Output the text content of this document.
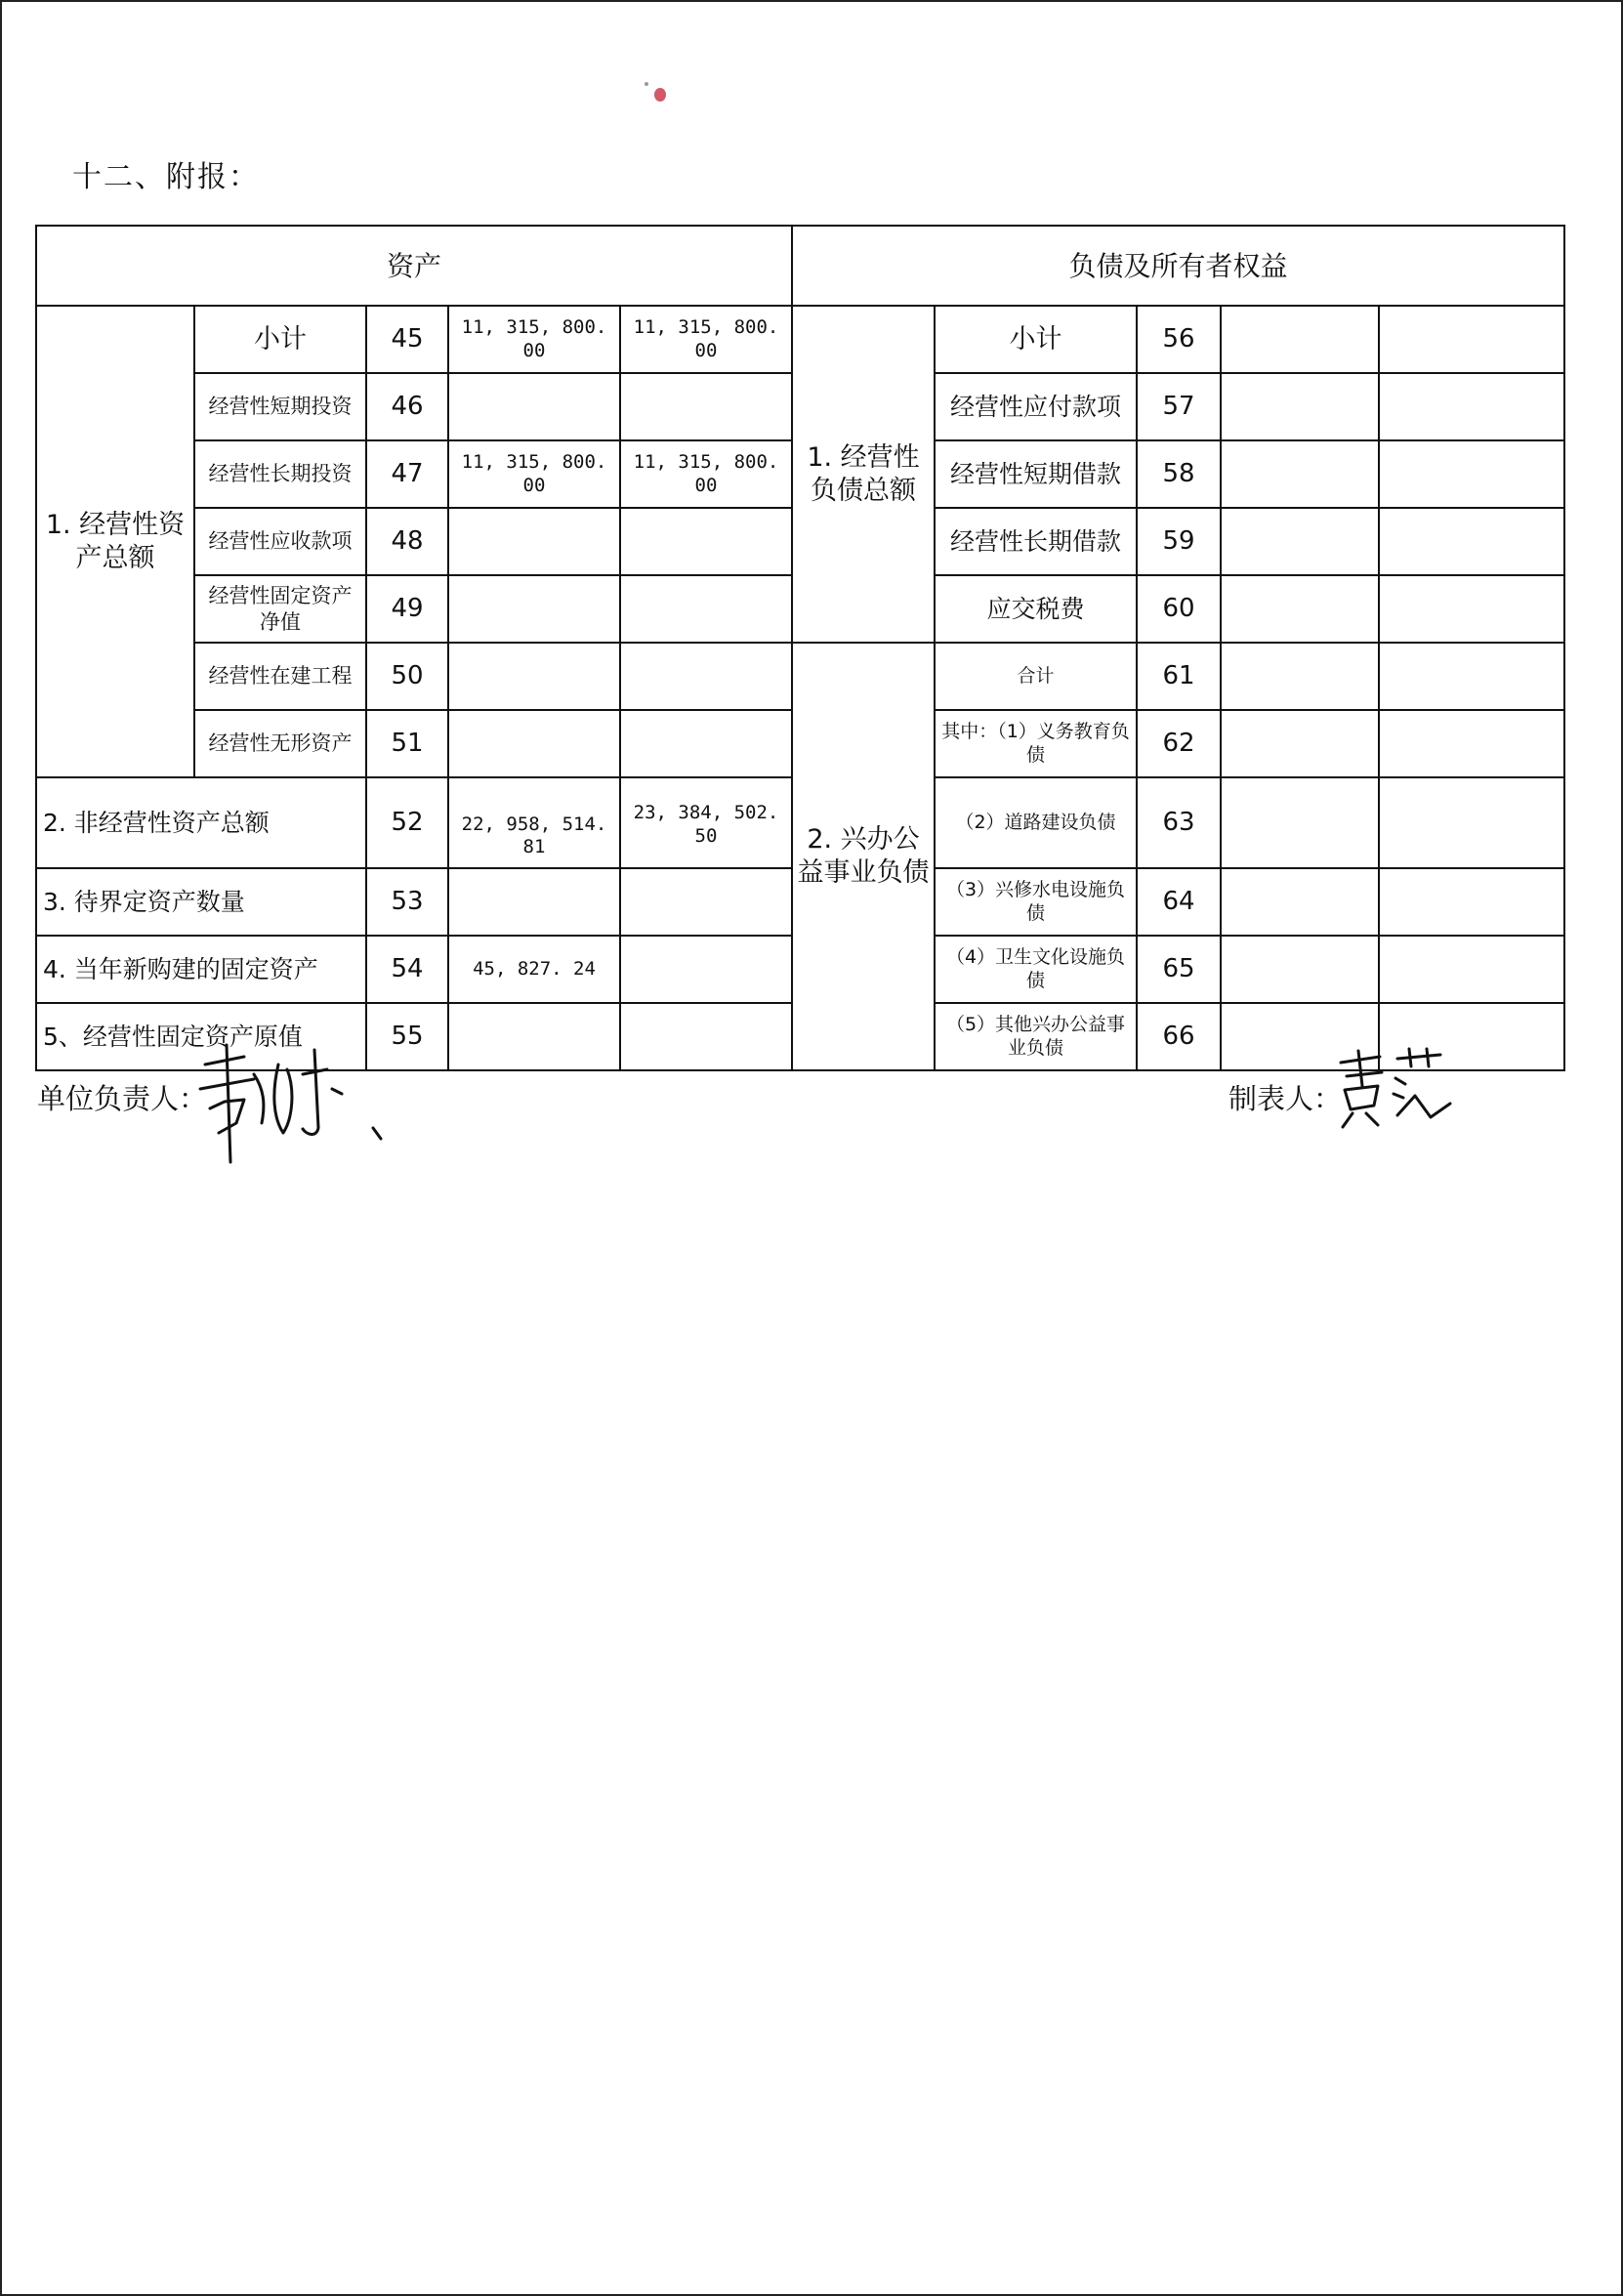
十二、附报：
资产					负债及所有者权益				
1. 经营性资产总额	小计	45	11, 315, 800. 00	11, 315, 800. 00	1. 经营性负债总额	小计	56		
	经营性短期投资	46				经营性应付款项	57		
	经营性长期投资	47	11, 315, 800. 00	11, 315, 800. 00		经营性短期借款	58		
	经营性应收款项	48				经营性长期借款	59		
	经营性固定资产净值	49				应交税费	60		
	经营性在建工程	50			2. 兴办公益事业负债	合计	61		
	经营性无形资产	51				其中：（1）义务教育负债	62		
2. 非经营性资产总额		52	22, 958, 514. 81	23, 384, 502. 50		（2）道路建设负债	63		
3. 待界定资产数量		53				（3）兴修水电设施负债	64		
4. 当年新购建的固定资产		54	45, 827. 24			（4）卫生文化设施负债	65		
5、经营性固定资产原值		55				（5）其他兴办公益事业负债	66		
单位负责人：	制表人：
